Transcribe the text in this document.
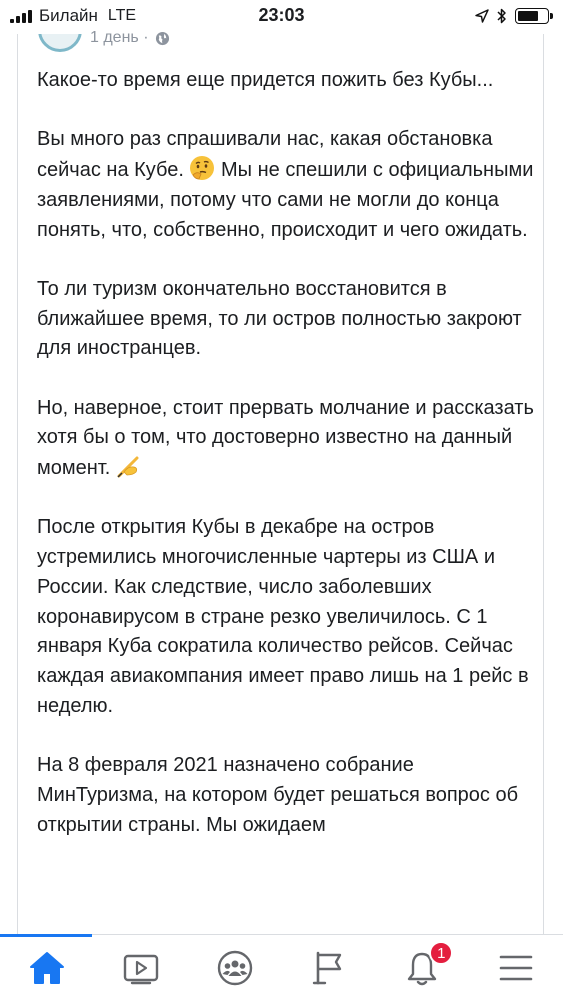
Билайн LTE	23:03
1 день ·

Какое-то время еще придется пожить без Кубы...

Вы много раз спрашивали нас, какая обстановка сейчас на Кубе.  Мы не спешили с официальными заявлениями, потому что сами не могли до конца понять, что, собственно, происходит и чего ожидать.

То ли туризм окончательно восстановится в ближайшее время, то ли остров полностью закроют для иностранцев.

Но, наверное, стоит прервать молчание и рассказать хотя бы о том, что достоверно известно на данный момент.

После открытия Кубы в декабре на остров устремились многочисленные чартеры из США и России. Как следствие, число заболевших коронавирусом в стране резко увеличилось. С 1 января Куба сократила количество рейсов. Сейчас каждая авиакомпания имеет право лишь на 1 рейс в неделю.

На 8 февраля 2021 назначено собрание МинТуризма, на котором будет решаться вопрос об открытии страны. Мы ожидаем

1
